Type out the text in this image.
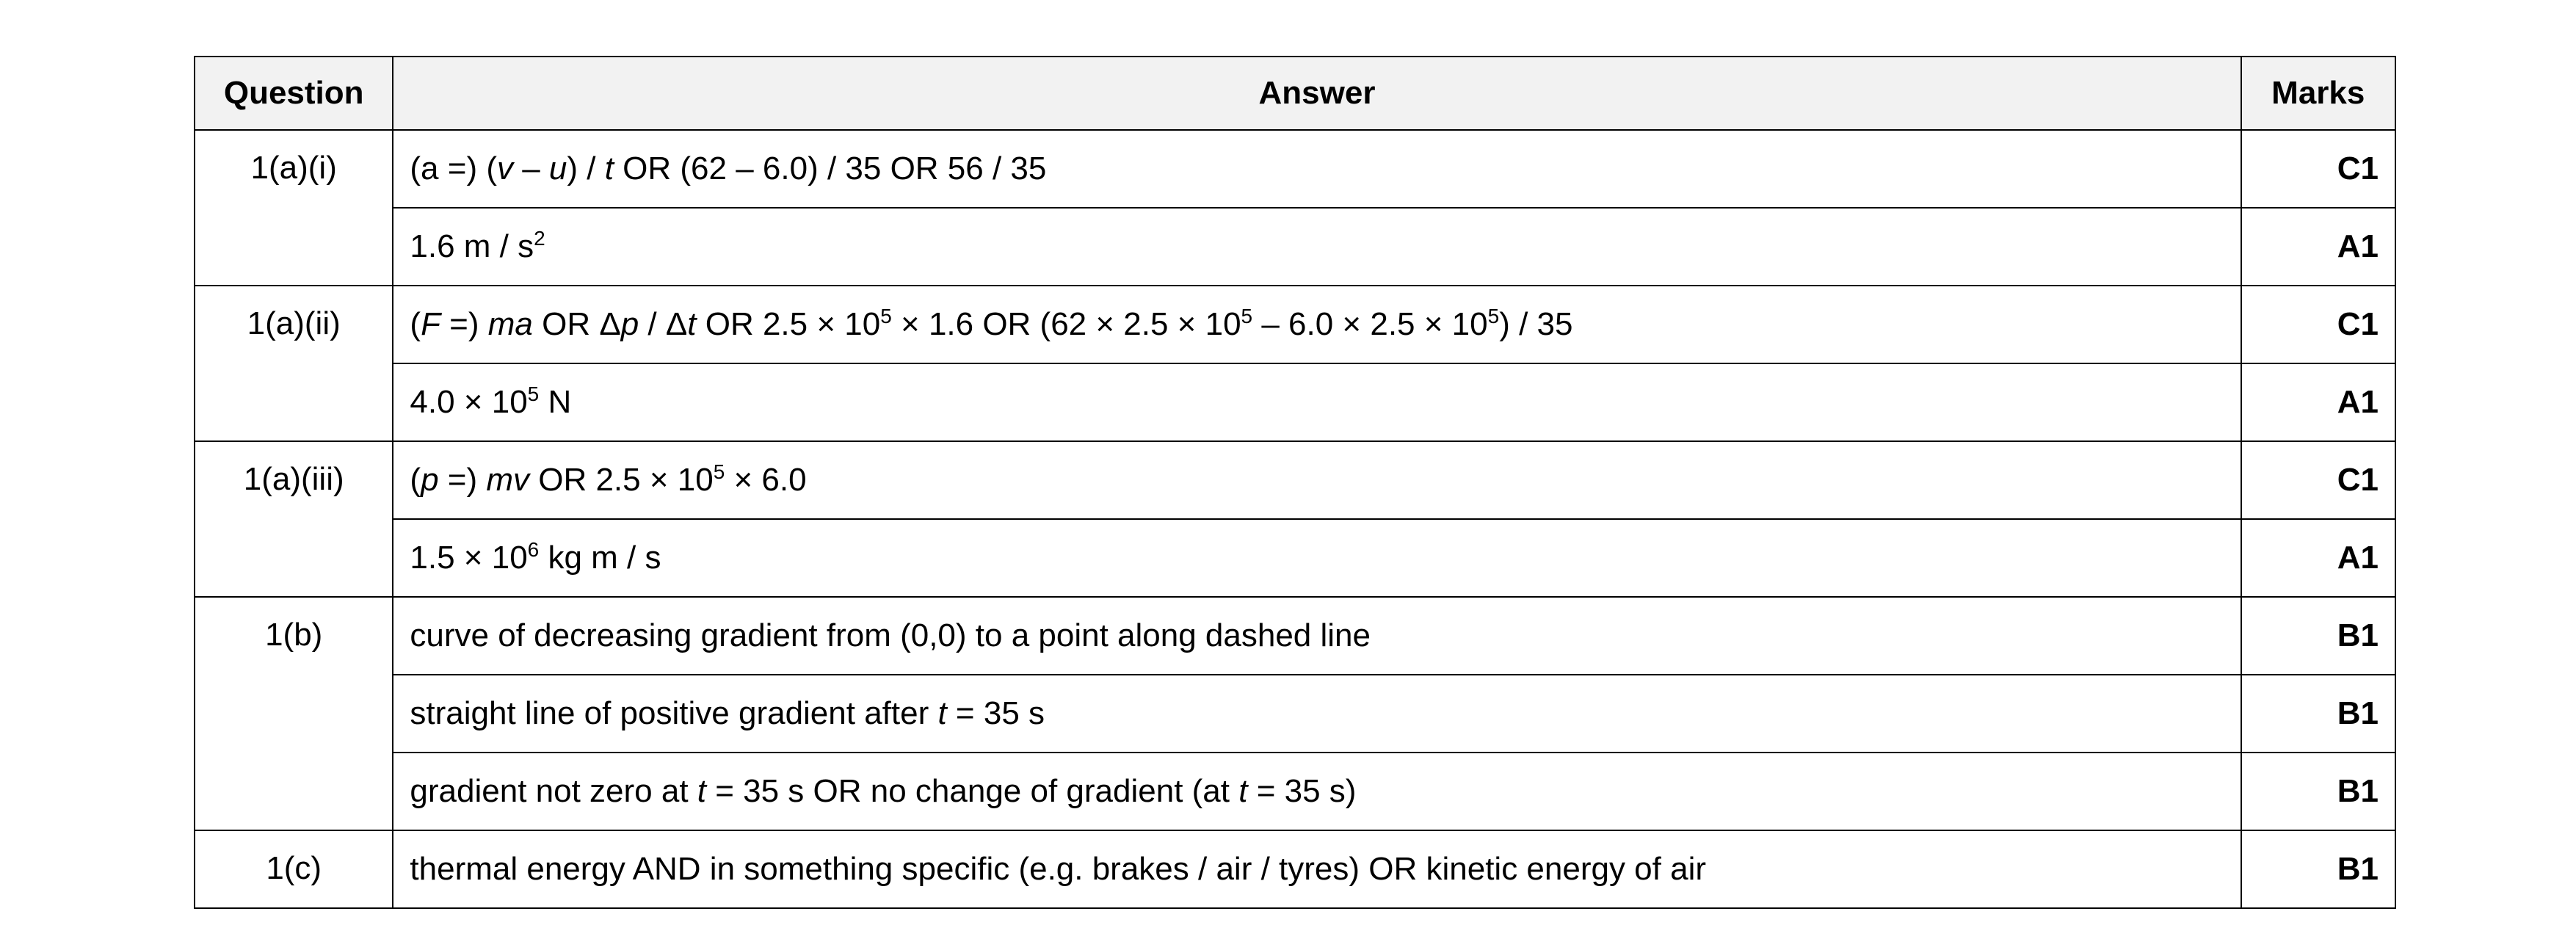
Question	Answer	Marks
1(a)(i)	(a =) (v – u) / t OR (62 – 6.0) / 35 OR 56 / 35	C1
	1.6 m / $s^2$	A1
1(a)(ii)	(F =) ma OR Δp / Δt OR $2.5 \times 10^5 \times 1.6$ OR $(62 \times 2.5 \times 10^5 - 6.0 \times 2.5 \times 10^5) / 35$	C1
	$4.0 \times 10^5$ N	A1
1(a)(iii)	(p =) mv OR $2.5 \times 10^5 \times 6.0$	C1
	$1.5 \times 10^6$ kg m / s	A1
1(b)	curve of decreasing gradient from (0,0) to a point along dashed line	B1
	straight line of positive gradient after t = 35 s	B1
	gradient not zero at t = 35 s OR no change of gradient (at t = 35 s)	B1
1(c)	thermal energy AND in something specific (e.g. brakes / air / tyres) OR kinetic energy of air	B1
